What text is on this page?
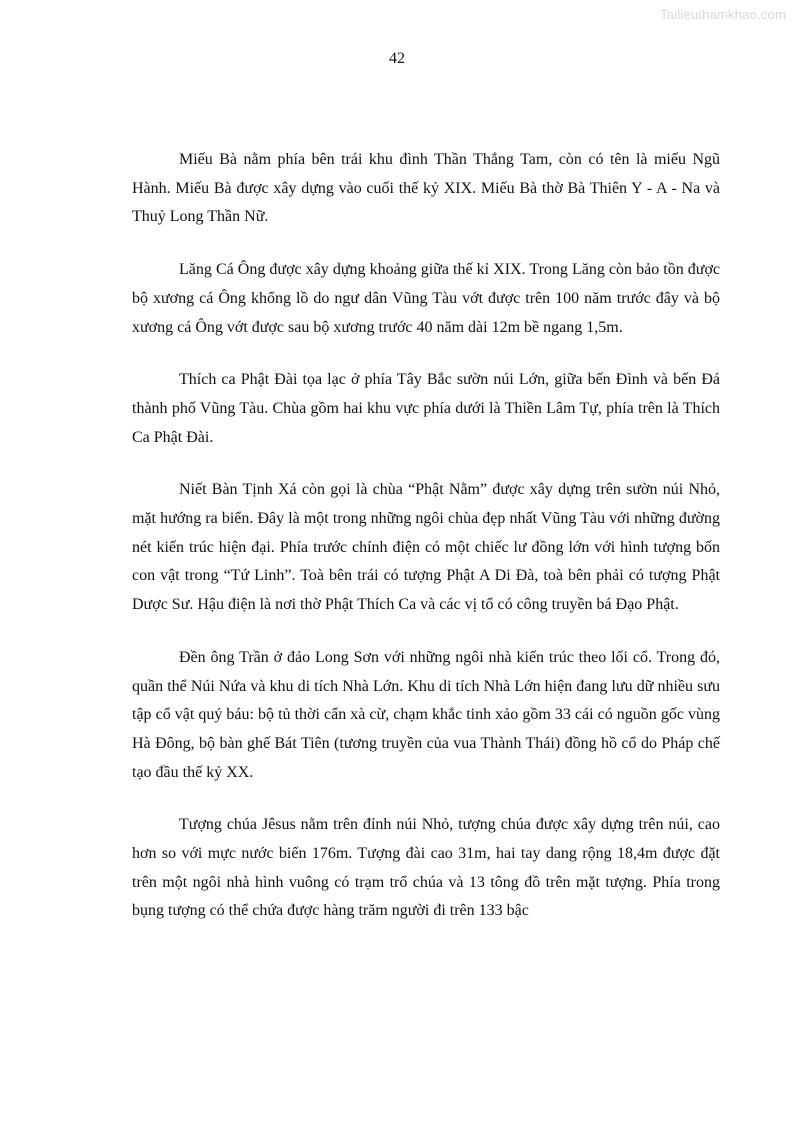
Tailieuthamkhao.com
42

Miếu Bà nằm phía bên trái khu đình Thần Thắng Tam, còn có tên là miếu Ngũ Hành. Miếu Bà được xây dựng vào cuối thế kỷ XIX. Miếu Bà thờ Bà Thiên Y - A - Na và Thuỷ Long Thần Nữ.

Lăng Cá Ông được xây dựng khoảng giữa thế kỉ XIX. Trong Lăng còn bảo tồn được bộ xương cá Ông khổng lồ do ngư dân Vũng Tàu vớt được trên 100 năm trước đây và bộ xương cá Ông vớt được sau bộ xương trước 40 năm dài 12m bề ngang 1,5m.

Thích ca Phật Đài tọa lạc ở phía Tây Bắc sườn núi Lớn, giữa bến Đình và bến Đá thành phố Vũng Tàu. Chùa gồm hai khu vực phía dưới là Thiền Lâm Tự, phía trên là Thích Ca Phật Đài.

Niết Bàn Tịnh Xá còn gọi là chùa “Phật Nằm” được xây dựng trên sườn núi Nhỏ, mặt hướng ra biển. Đây là một trong những ngôi chùa đẹp nhất Vũng Tàu với những đường nét kiến trúc hiện đại. Phía trước chính điện có một chiếc lư đồng lớn với hình tượng bốn con vật trong “Tứ Linh”. Toà bên trái có tượng Phật A Di Đà, toà bên phải có tượng Phật Dược Sư. Hậu điện là nơi thờ Phật Thích Ca và các vị tổ có công truyền bá Đạo Phật.

Đền ông Trần ở đảo Long Sơn với những ngôi nhà kiến trúc theo lối cổ. Trong đó, quần thể Núi Nứa và khu di tích Nhà Lớn. Khu di tích Nhà Lớn hiện đang lưu dữ nhiều sưu tập cổ vật quý báu: bộ tủ thời cẩn xà cừ, chạm khắc tinh xảo gồm 33 cái có nguồn gốc vùng Hà Đông, bộ bàn ghế Bát Tiên (tương truyền của vua Thành Thái) đồng hồ cổ do Pháp chế tạo đầu thế kỷ XX.

Tượng chúa Jêsus nằm trên đỉnh núi Nhỏ, tượng chúa được xây dựng trên núi, cao hơn so với mực nước biển 176m. Tượng đài cao 31m, hai tay dang rộng 18,4m được đặt trên một ngôi nhà hình vuông có trạm trổ chúa và 13 tông đồ trên mặt tượng. Phía trong bụng tượng có thể chứa được hàng trăm người đi trên 133 bậc
